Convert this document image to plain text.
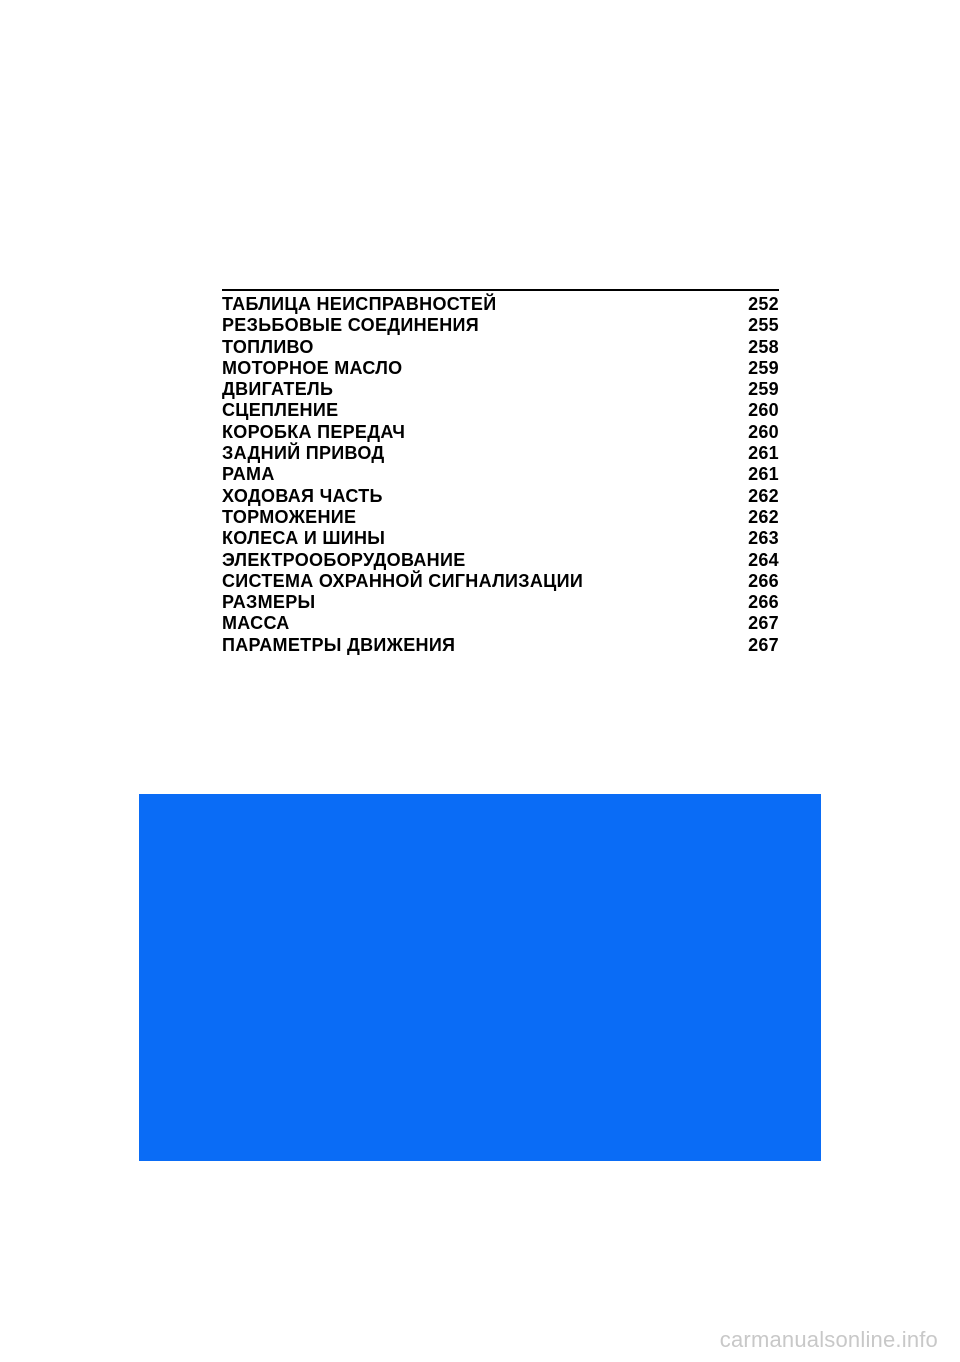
ТАБЛИЦА НЕИСПРАВНОСТЕЙ	252
РЕЗЬБОВЫЕ СОЕДИНЕНИЯ	255
ТОПЛИВО	258
МОТОРНОЕ МАСЛО	259
ДВИГАТЕЛЬ	259
СЦЕПЛЕНИЕ	260
КОРОБКА ПЕРЕДАЧ	260
ЗАДНИЙ ПРИВОД	261
РАМА	261
ХОДОВАЯ ЧАСТЬ	262
ТОРМОЖЕНИЕ	262
КОЛЕСА И ШИНЫ	263
ЭЛЕКТРООБОРУДОВАНИЕ	264
СИСТЕМА ОХРАННОЙ СИГНАЛИЗАЦИИ	266
РАЗМЕРЫ	266
МАССА	267
ПАРАМЕТРЫ ДВИЖЕНИЯ	267
carmanualsonline.info
